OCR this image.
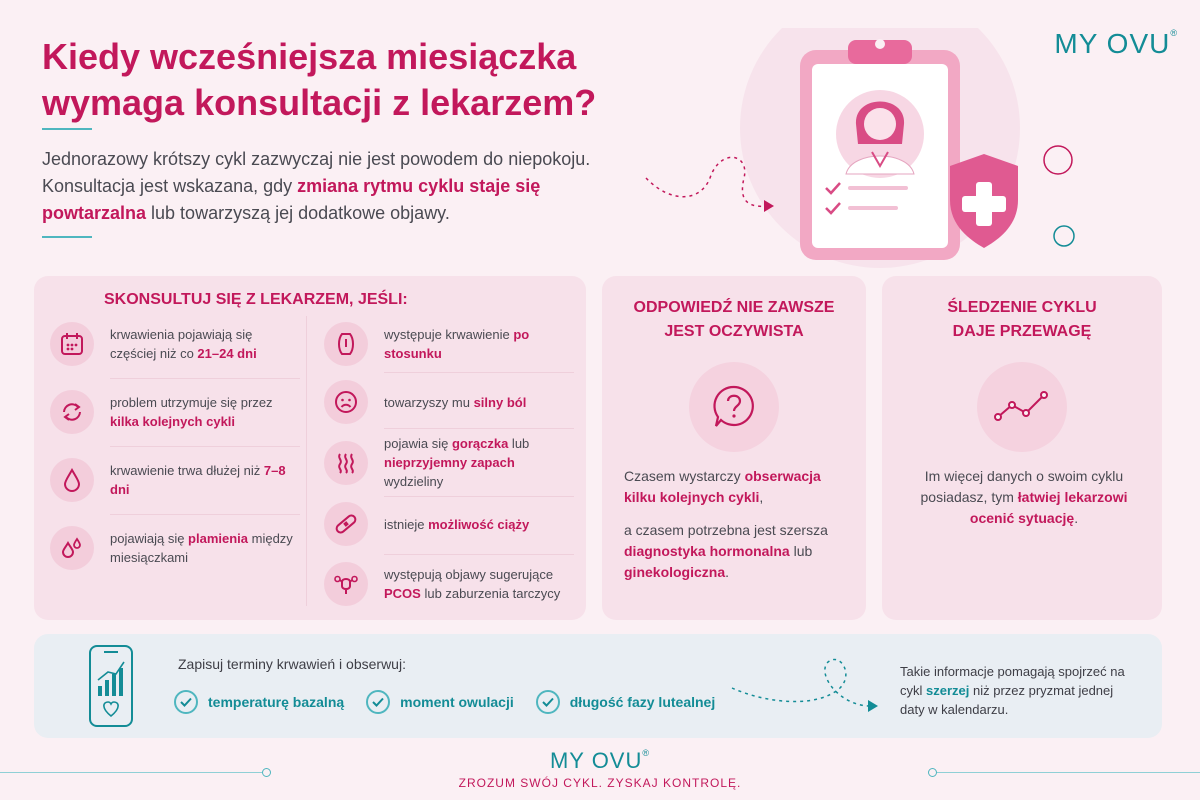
Kiedy wcześniejsza miesiączka
wymaga konsultacji z lekarzem?

Jednorazowy krótszy cykl zazwyczaj nie jest powodem do niepokoju. Konsultacja jest wskazana, gdy zmiana rytmu cyklu staje się powtarzalna lub towarzyszą jej dodatkowe objawy.

MY OVU®
SKONSULTUJ SIĘ Z LEKARZEM, JEŚLI:
krwawienia pojawiają się częściej niż co 21–24 dni
problem utrzymuje się przez kilka kolejnych cykli
krwawienie trwa dłużej niż 7–8 dni
pojawiają się plamienia między miesiączkami
występuje krwawienie po stosunku
towarzyszy mu silny ból
pojawia się gorączka lub nieprzyjemny zapach wydzieliny
istnieje możliwość ciąży
występują objawy sugerujące PCOS lub zaburzenia tarczycy
ODPOWIEDŹ NIE ZAWSZE
JEST OCZYWISTA

Czasem wystarczy obserwacja kilku kolejnych cykli,

a czasem potrzebna jest szersza diagnostyka hormonalna lub ginekologiczna.

ŚLEDZENIE CYKLU
DAJE PRZEWAGĘ

Im więcej danych o swoim cyklu posiadasz, tym łatwiej lekarzowi ocenić sytuację.

Zapisuj terminy krwawień i obserwuj:
temperaturę bazalną	moment owulacji	długość fazy lutealnej

Takie informacje pomagają spojrzeć na cykl szerzej niż przez pryzmat jednej daty w kalendarzu.

MY OVU®
ZROZUM SWÓJ CYKL. ZYSKAJ KONTROLĘ.
